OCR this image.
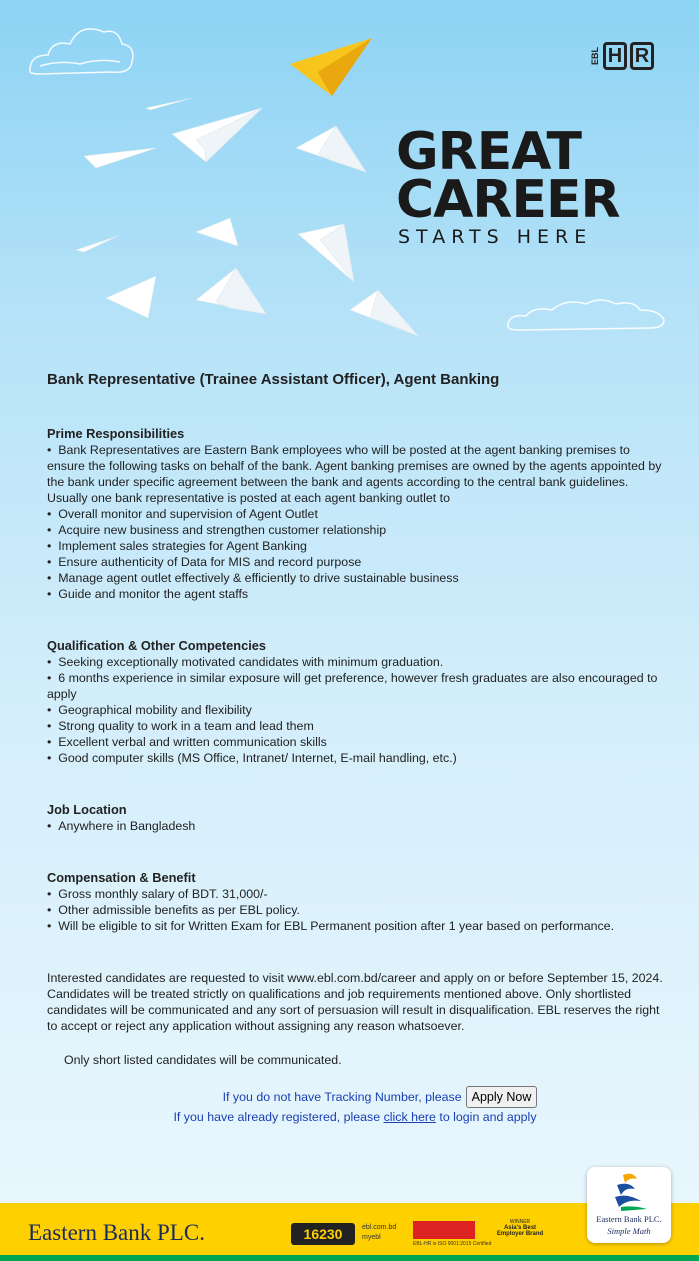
EBL H R
GREAT
CAREER
STARTS HERE
Bank Representative (Trainee Assistant Officer), Agent Banking
Prime Responsibilities
•  Bank Representatives are Eastern Bank employees who will be posted at the agent banking premises to ensure the following tasks on behalf of the bank. Agent banking premises are owned by the agents appointed by the bank under specific agreement between the bank and agents according to the central bank guidelines. Usually one bank representative is posted at each agent banking outlet to
•  Overall monitor and supervision of Agent Outlet
•  Acquire new business and strengthen customer relationship
•  Implement sales strategies for Agent Banking
•  Ensure authenticity of Data for MIS and record purpose
•  Manage agent outlet effectively & efficiently to drive sustainable business
•  Guide and monitor the agent staffs
Qualification & Other Competencies
•  Seeking exceptionally motivated candidates with minimum graduation.
•  6 months experience in similar exposure will get preference, however fresh graduates are also encouraged to apply
•  Geographical mobility and flexibility
•  Strong quality to work in a team and lead them
•  Excellent verbal and written communication skills
•  Good computer skills (MS Office, Intranet/ Internet, E-mail handling, etc.)
Job Location
•  Anywhere in Bangladesh
Compensation & Benefit
•  Gross monthly salary of BDT. 31,000/-
•  Other admissible benefits as per EBL policy.
•  Will be eligible to sit for Written Exam for EBL Permanent position after 1 year based on performance.
Interested candidates are requested to visit www.ebl.com.bd/career and apply on or before September 15, 2024. Candidates will be treated strictly on qualifications and job requirements mentioned above. Only shortlisted candidates will be communicated and any sort of persuasion will result in disqualification. EBL reserves the right to accept or reject any application without assigning any reason whatsoever.
Only short listed candidates will be communicated.
If you do not have Tracking Number, please Apply Now
If you have already registered, please click here to login and apply
Eastern Bank PLC.	16230	ebl.com.bd
myebl
EBL-HR is ISO 9001:2015 Certified
WINNER
Asia's Best
Employer Brand
Eastern Bank PLC.
Simple Math
